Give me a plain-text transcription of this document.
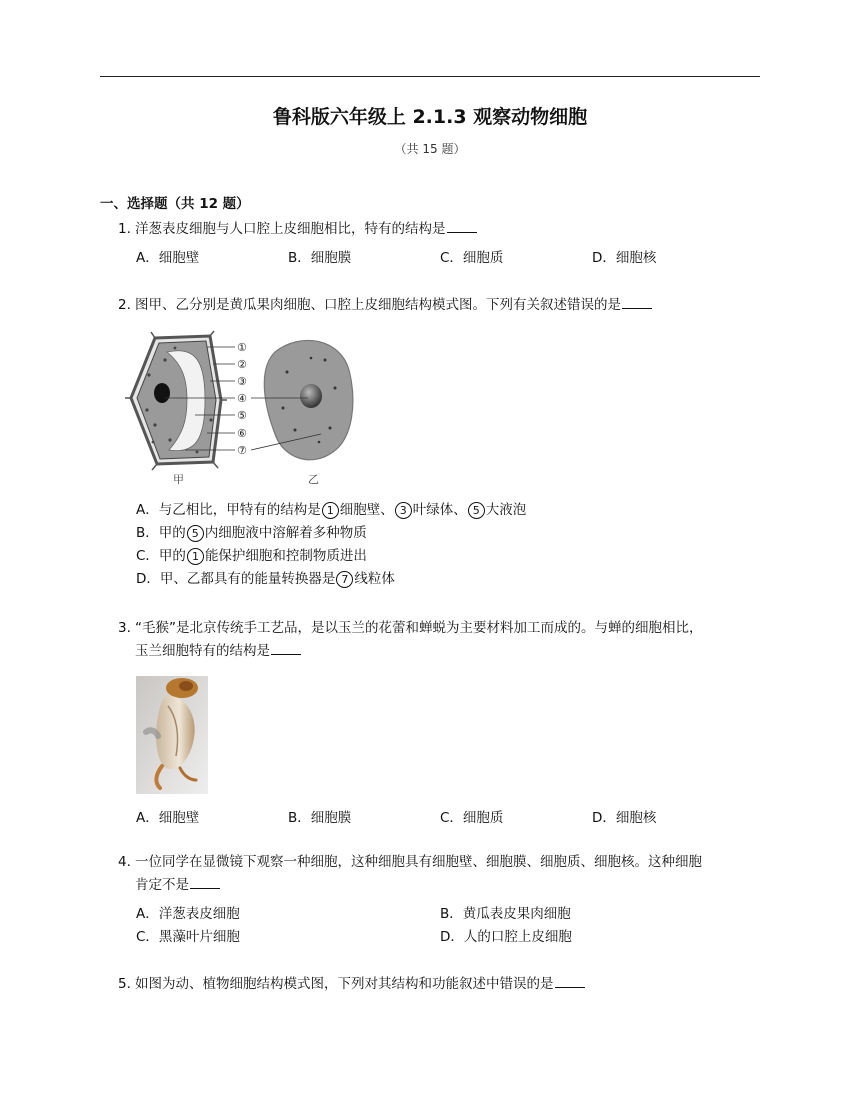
鲁科版六年级上 2.1.3 观察动物细胞
（共 15 题）
一、选择题（共 12 题）
1. 洋葱表皮细胞与人口腔上皮细胞相比，特有的结构是
A．细胞壁	B．细胞膜	C．细胞质	D．细胞核
2. 图甲、乙分别是黄瓜果肉细胞、口腔上皮细胞结构模式图。下列有关叙述错误的是
①
②
③
④
⑤
⑥
⑦
甲	乙
A．与乙相比，甲特有的结构是 1 细胞壁、 3 叶绿体、 5 大液泡
B．甲的 5 内细胞液中溶解着多种物质
C．甲的 1 能保护细胞和控制物质进出
D．甲、乙都具有的能量转换器是 7 线粒体
3. “毛猴”是北京传统手工艺品，是以玉兰的花蕾和蝉蜕为主要材料加工而成的。与蝉的细胞相比，
玉兰细胞特有的结构是
A．细胞壁	B．细胞膜	C．细胞质	D．细胞核
4. 一位同学在显微镜下观察一种细胞，这种细胞具有细胞壁、细胞膜、细胞质、细胞核。这种细胞
肯定不是
A．洋葱表皮细胞	B．黄瓜表皮果肉细胞
C．黑藻叶片细胞	D．人的口腔上皮细胞
5. 如图为动、植物细胞结构模式图，下列对其结构和功能叙述中错误的是
